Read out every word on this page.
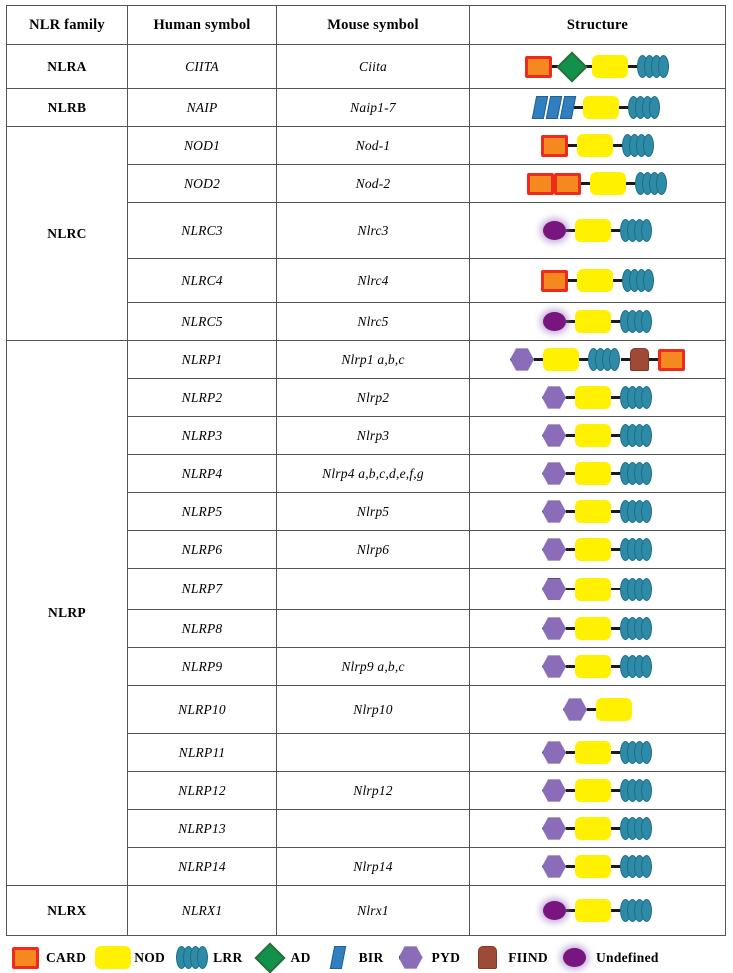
NLR family	Human symbol	Mouse symbol	Structure
NLRA	CIITA	Ciita	

NLRB	NAIP	Naip1-7	

NLRC	NOD1	Nod-1	

	NOD2	Nod-2	

	NLRC3	Nlrc3	

	NLRC4	Nlrc4	

	NLRC5	Nlrc5	

NLRP	NLRP1	Nlrp1 a,b,c	

	NLRP2	Nlrp2	

	NLRP3	Nlrp3	

	NLRP4	Nlrp4 a,b,c,d,e,f,g	

	NLRP5	Nlrp5	

	NLRP6	Nlrp6	

	NLRP7		

	NLRP8		

	NLRP9	Nlrp9 a,b,c	

	NLRP10	Nlrp10	

	NLRP11		

	NLRP12	Nlrp12	

	NLRP13		

	NLRP14	Nlrp14	

NLRX	NLRX1	Nlrx1	
CARD	NOD	LRR	AD	BIR	PYD	FIIND	Undefined
